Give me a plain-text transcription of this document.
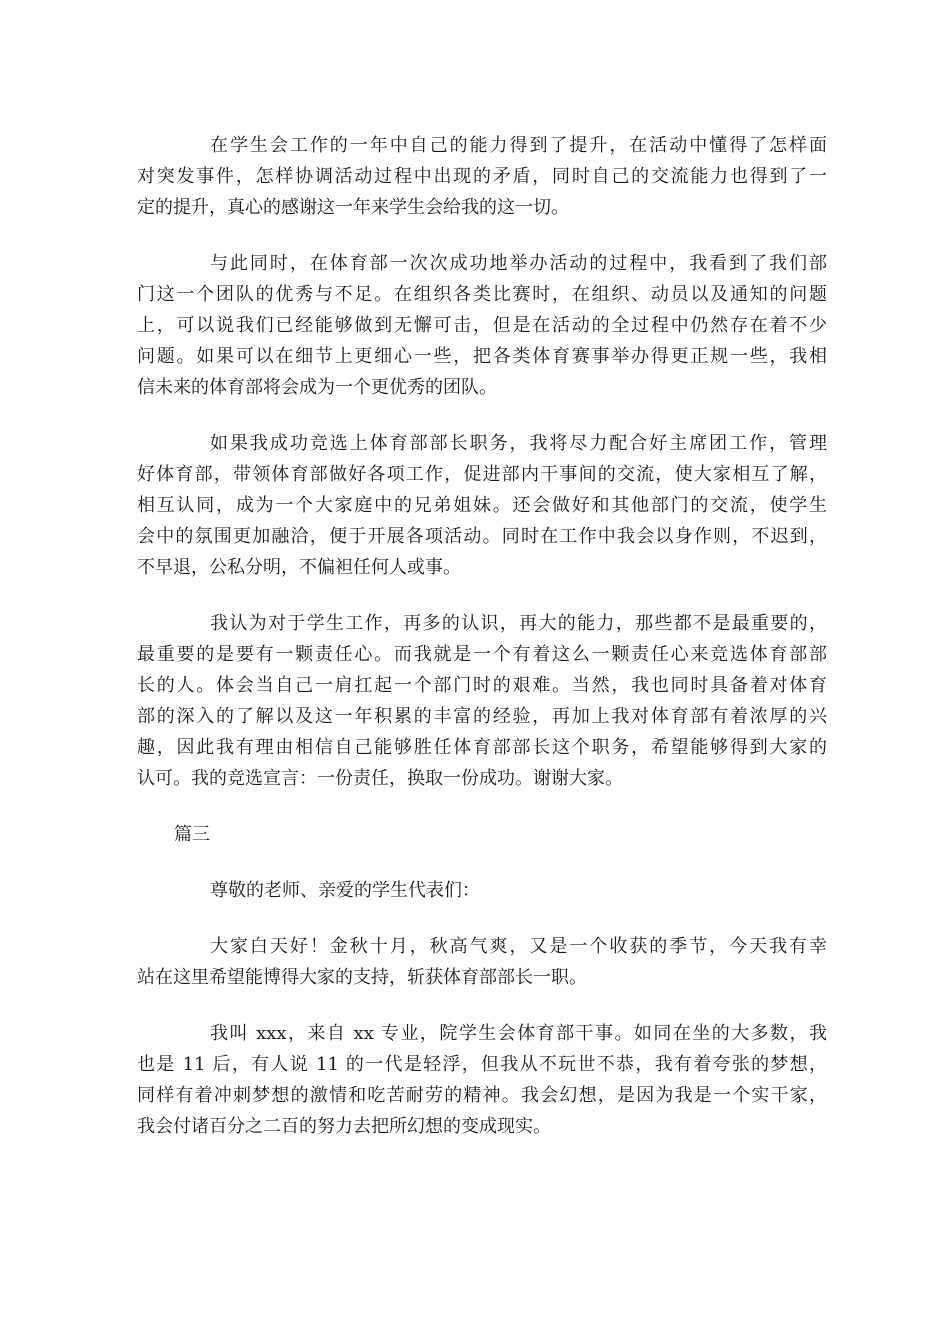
在学生会工作的一年中自己的能力得到了提升，在活动中懂得了怎样面
对突发事件，怎样协调活动过程中出现的矛盾，同时自己的交流能力也得到了一
定的提升，真心的感谢这一年来学生会给我的这一切。
与此同时，在体育部一次次成功地举办活动的过程中，我看到了我们部
门这一个团队的优秀与不足。在组织各类比赛时，在组织、动员以及通知的问题
上，可以说我们已经能够做到无懈可击，但是在活动的全过程中仍然存在着不少
问题。如果可以在细节上更细心一些，把各类体育赛事举办得更正规一些，我相
信未来的体育部将会成为一个更优秀的团队。
如果我成功竞选上体育部部长职务，我将尽力配合好主席团工作，管理
好体育部，带领体育部做好各项工作，促进部内干事间的交流，使大家相互了解，
相互认同，成为一个大家庭中的兄弟姐妹。还会做好和其他部门的交流，使学生
会中的氛围更加融洽，便于开展各项活动。同时在工作中我会以身作则，不迟到，
不早退，公私分明，不偏袒任何人或事。
我认为对于学生工作，再多的认识，再大的能力，那些都不是最重要的，
最重要的是要有一颗责任心。而我就是一个有着这么一颗责任心来竞选体育部部
长的人。体会当自己一肩扛起一个部门时的艰难。当然，我也同时具备着对体育
部的深入的了解以及这一年积累的丰富的经验，再加上我对体育部有着浓厚的兴
趣，因此我有理由相信自己能够胜任体育部部长这个职务，希望能够得到大家的
认可。我的竞选宣言：一份责任，换取一份成功。谢谢大家。
篇三
尊敬的老师、亲爱的学生代表们：
大家白天好！金秋十月，秋高气爽，又是一个收获的季节，今天我有幸
站在这里希望能博得大家的支持，斩获体育部部长一职。
我叫 xxx，来自 xx 专业，院学生会体育部干事。如同在坐的大多数，我
也是 11 后，有人说 11 的一代是轻浮，但我从不玩世不恭，我有着夸张的梦想，
同样有着冲刺梦想的激情和吃苦耐劳的精神。我会幻想，是因为我是一个实干家，
我会付诸百分之二百的努力去把所幻想的变成现实。
